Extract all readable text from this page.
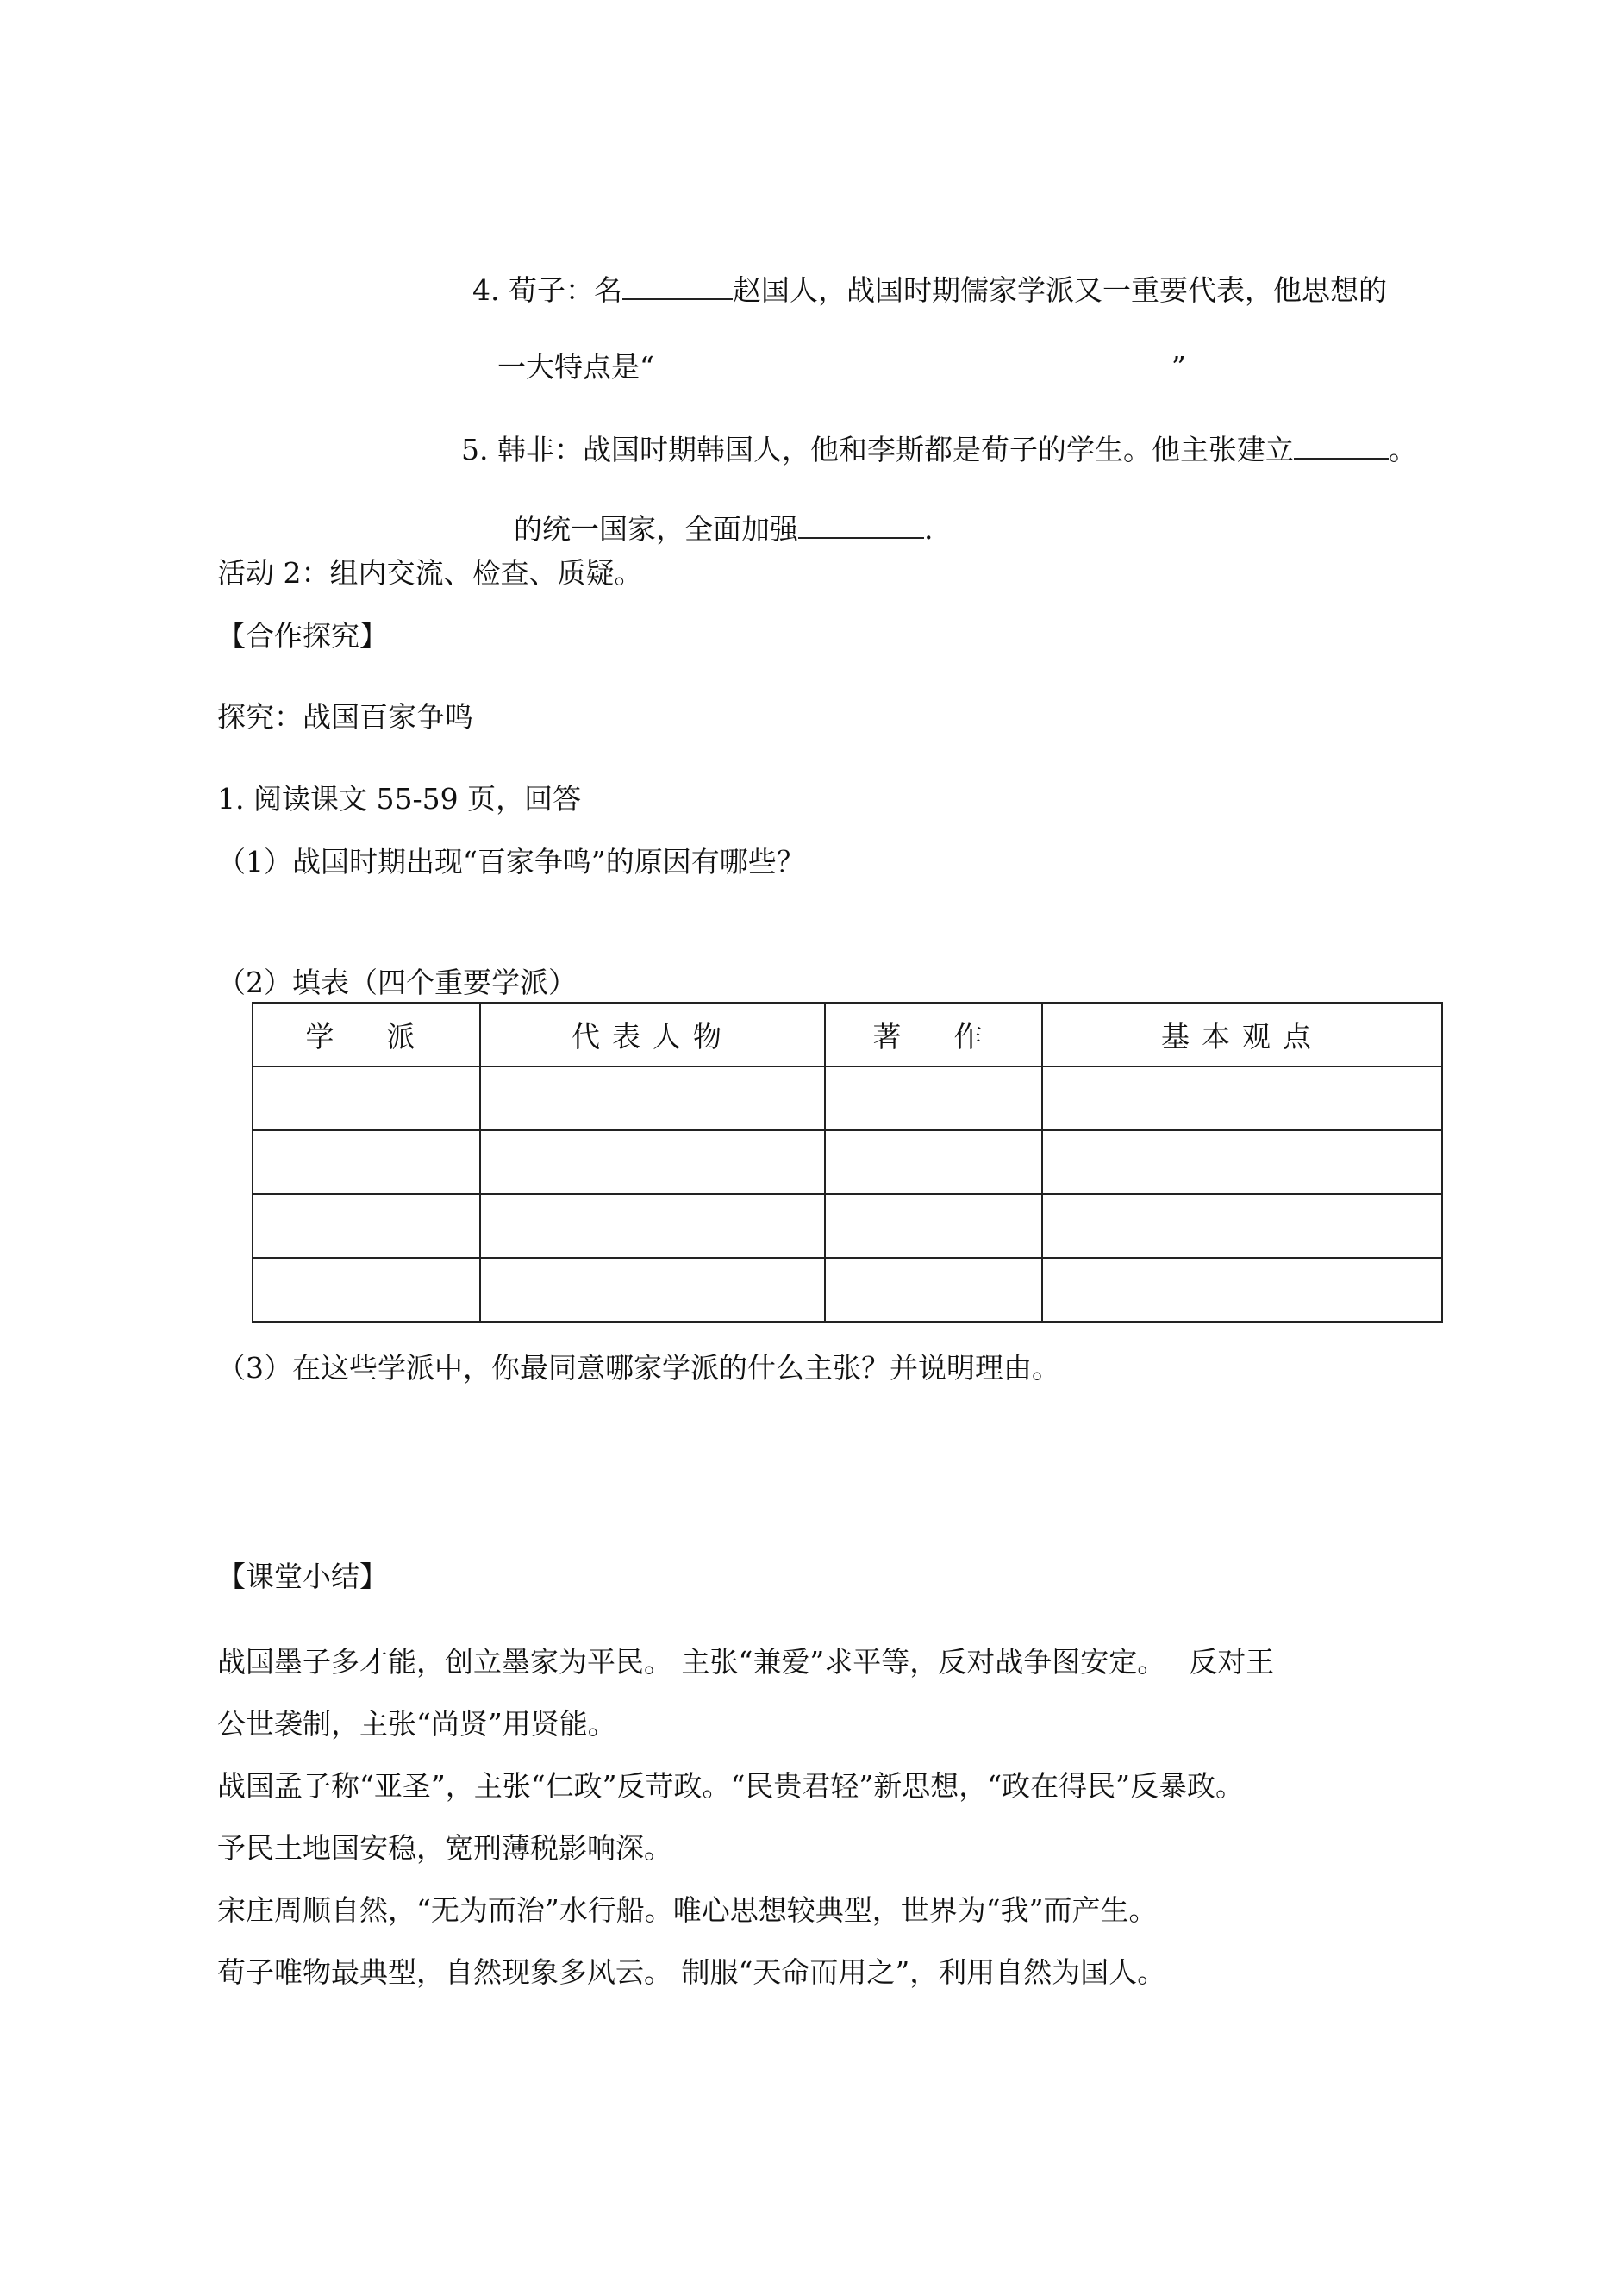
4. 荀子：名	赵国人，战国时期儒家学派又一重要代表，他思想的

一大特点是“	”

5. 韩非：战国时期韩国人，他和李斯都是荀子的学生。他主张建立	。

的统一国家，全面加强	.

活动 2：组内交流、检查、质疑。
【合作探究】
探究：战国百家争鸣
1. 阅读课文 55-59 页，回答
（1）战国时期出现“百家争鸣”的原因有哪些？
（2）填表（四个重要学派）
学　派	代表人物	著　作	基本观点

（3）在这些学派中，你最同意哪家学派的什么主张？并说明理由。
【课堂小结】
战国墨子多才能，创立墨家为平民。 主张“兼爱”求平等，反对战争图安定。　 反对王
公世袭制，主张“尚贤”用贤能。
战国孟子称“亚圣”，主张“仁政”反苛政。“民贵君轻”新思想，“政在得民”反暴政。
予民土地国安稳，宽刑薄税影响深。
宋庄周顺自然，“无为而治”水行船。唯心思想较典型，世界为“我”而产生。
荀子唯物最典型，自然现象多风云。 制服“天命而用之”，利用自然为国人。
